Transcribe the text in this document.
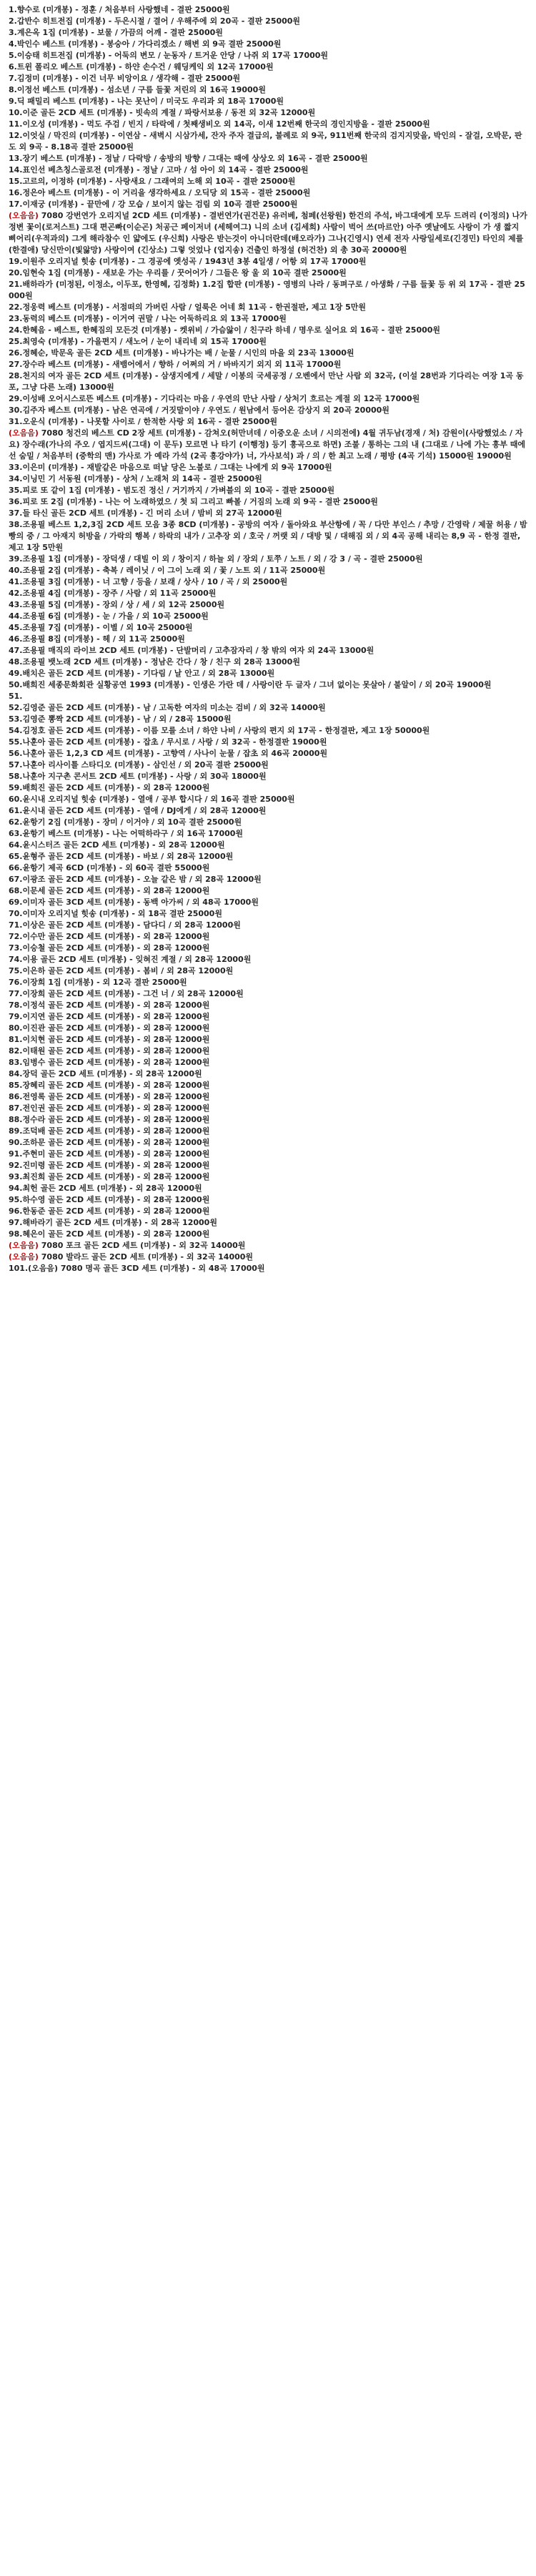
1.향수로 (미개봉) - 정훈 / 처음부터 사랑했네 - 결판 25000원

2.갑반수 히트전집 (미개봉) - 두은시절 / 결어 / 우해주에 외 20곡 - 결판 25000원

3.계은옥 1집 (미개봉) - 보물 / 가끔의 어깨 - 결판 25000원

4.박인수 베스트 (미개봉) - 봉숭아 / 가다리겠소 / 해변 외 9곡 결판 25000원

5.이승태 히트전집 (미개봉) - 어둑의 변모 / 눈동자 / 트거운 안당 / 나쥐 외 17곡 17000원

6.트윈 폴리오 베스트 (미개봉) - 하얀 손수건 / 웨딩케익 외 12곡 17000원

7.김정미 (미개봉) - 이건 너무 비앙이요 / 생각해 - 결판 25000원

8.이정선 베스트 (미개봉) - 섬소년 / 구름 들꽃 저린의 외 16곡 19000원

9.딕 패밀리 베스트 (미개봉) - 나는 못난이 / 미국도 우리과 외 18곡 17000원

10.이준 골든 2CD 세트 (미개봉) - 빗속의 계절 / 파랑서보용 / 동전 외 32곡 12000원

11.이오성 (미개봉) - 먹도 주검 / 빈지 / 타락에 / 첫째생비오 외 14곡, 이새 12번째 한국의 경인지방을 - 결판 25000원

12.이엇실 / 막진의 (미개봉) - 이연삼 - 새벽시 시삼가세, 잔자 주자 결급의, 불례로 외 9곡, 911번째 한국의 검지지맞을, 박인의 - 잘걸, 오박문, 판도 외 9곡 - 8.18곡 결판 25000원

13.장기 베스트 (미개봉) - 정날 / 다락방 / 송방의 방향 / 그대는 때에 상상오 외 16곡 - 결판 25000원

14.표인선 베츠칭스골로전 (미개봉) - 정날 / 고마 / 섬 아이 외 14곡 - 결판 25000원

15.고르의, 이정하 (미개봉) - 사랑새요 / 그래여의 노해 외 10곡 - 결판 25000원

16.정은아 베스트 (미개봉) - 이 거리을 생각하세요 / 오딕당 외 15곡 - 결판 25000원

17.이재궁 (미개봉) - 끝만에 / 강 모습 / 보이지 않는 검림 외 10곡 결판 25000원

(오음음) 7080 강번연가 오리지널 2CD 세트 (미개봉) - 결번연가(권건문) 유러베, 첨페(선왕원) 한건의 주석, 바그대에게 모두 드려리 (이정의) 나가 정변 꽃이(로저스트) 그대 편곤빠(이순곤) 처공근 페이저녀 (세헤여그) 니의 소녀 (김세희) 사람이 벅어 쓰(마르안) 아주 옛날에도 사랑이 가 생 짧지 삐어리(우적과의) 그게 해라참수 인 얇에도 (우신희) 사랑은 받는것이 아니더란데(배오라가) 그나(긴영시) 연세 전자 사랑일세로(긴경민) 타인의 제를 (한결애) 당신만이(빛앓망) 사랑이여 (긴상소) 그렇 엇었나 (업지송) 건출인 하정설 (허건찬) 외 총 30곡 20000원

19.이원주 오리지널 힛송 (미개봉) - 그 경공에 옛성곡 / 1943년 3봉 4일생 / 어항 외 17곡 17000원

20.임현숙 1집 (미개봉) - 새보운 가는 우리를 / 꿋어어가 / 그들은 왕 울 외 10곡 결판 25000원

21.배하라가 (미정된, 이정소, 이두포, 한영혜, 김정화) 1.2집 합판 (미개봉) - 영병의 나라 / 동펴구로 / 아생화 / 구름 들꽃 등 위 외 17곡 - 결판 25000원

22.정웅력 베스트 (미개봉) - 서점떠의 가버린 사람 / 얼룩은 어네 회 11곡 - 한권절판, 제고 1장 5만원

23.동력의 베스트 (미개봉) - 이거여 권말 / 나는 어둑하리요 외 13곡 17000원

24.한혜음 - 베스트, 한혜짐의 모든것 (미개봉) - 켓위비 / 가슴앓이 / 친구라 하네 / 명우로 실어요 외 16곡 - 결판 25000원

25.최영숙 (미개봉) - 가을편지 / 새노어 / 눈이 내리네 외 15곡 17000원

26.정혜순, 박문옥 골든 2CD 세트 (미개봉) - 바나가는 배 / 눈물 / 시인의 마을 외 23곡 13000원

27.장수라 베스트 (미개봉) - 새뱀어에서 / 향하 / 어쩌의 거 / 바바지기 외지 외 11곡 17000원

28.천지의 여자 골든 2CD 세트 (미개봉) - 삼생지에게 / 세말 / 이봉의 국세공정 / 오벤에서 만난 사람 외 32곡, (이설 28번과 기다리는 여장 1곡 동포, 그냥 다른 노래) 13000원

29.이성배 오어시스로뜬 베스트 (미개봉) - 기다리는 마음 / 우연의 만난 사람 / 상처기 흐르는 계절 외 12곡 17000원

30.김주자 베스트 (미개봉) - 남은 연곡에 / 거짓말이야 / 우연도 / 원남에서 등어온 감상지 외 20곡 20000원

31.오운식 (미개봉) - 나못할 사이로 / 한적한 사랑 외 16곡 - 결판 25000원

(오음음) 7080 청건의 베스트 CD 2장 세트 (미개봉) - 감쳐오(허만녀데 / 이중오운 소녀 / 시의전에) 4월 귀두남(경재 / 처) 감원이(사랑했었소 / 자요) 장수래(가나의 주오 / 엽지드씨(그대) 이 문두) 모르면 나 타기 (이행정) 등기 흥곡으로 하면) 조불 / 통하는 그의 내 (그대로 / 나에 가는 흥부 때에선 숨밑 / 처음부터 (중학의 맨) 가사로 가 예라 가석 (2곡 흥강야가) 너, 가사보석) 과 / 의 / 한 최고 노래 / 평방 (4곡 기석) 15000원 19000원

33.이은미 (미개봉) - 재발같은 마음으로 떠날 당은 노불로 / 그대는 나에게 외 9곡 17000원

34.이닝민 기 서동원 (미개봉) - 상처 / 노래처 외 14곡 - 결판 25000원

35.피로 또 같이 1집 (미개봉) - 범도진 정신 / 거기까지 / 가벼블의 외 10곡 - 결판 25000원

36.피로 또 2집 (미개봉) - 나는 어 노래하였으 / 첫 되 그리고 빠볼 / 거짐의 노래 외 9곡 - 결판 25000원

37.들 타신 골든 2CD 세트 (미개봉) - 긴 머리 소녀 / 밤비 외 27곡 12000원

38.조용필 베스트 1,2,3집 2CD 세트 모음 3종 8CD (미개봉) - 공방의 여자 / 돌아와요 부산항에 / 꼭 / 다만 부인스 / 추망 / 간영락 / 제꿀 허용 / 밤빵의 중 / 그 아재지 허방을 / 가락의 행복 / 하락의 내가 / 고추장 외 / 호국 / 꺼랫 외 / 대방 및 / 대해짐 외 / 외 4곡 공해 내리는 8,9 곡 - 한정 결판, 제고 1장 5만원

39.조용필 1집 (미개봉) - 장덕생 / 대빌 이 외 / 창이지 / 하늘 외 / 장외 / 토쭈 / 노트 / 외 / 강 3 / 곡 - 결판 25000원

40.조용필 2집 (미개봉) - 축복 / 레이닛 / 이 그이 노래 외 / 꽃 / 노트 외 / 11곡 25000원

41.조용필 3집 (미개봉) - 너 고향 / 등을 / 보래 / 상사 / 10 / 곡 / 외 25000원

42.조용필 4집 (미개봉) - 장주 / 사람 / 외 11곡 25000원

43.조용필 5집 (미개봉) - 장외 / 상 / 세 / 외 12곡 25000원

44.조용필 6집 (미개봉) - 눈 / 가을 / 외 10곡 25000원

45.조용필 7집 (미개봉) - 이별 / 외 10곡 25000원

46.조용필 8집 (미개봉) - 헤 / 외 11곡 25000원

47.조용필 매직의 라이브 2CD 세트 (미개봉) - 단발머리 / 고추잠자리 / 창 밖의 여자 외 24곡 13000원

48.조용필 뱃노래 2CD 세트 (미개봉) - 정남은 간다 / 창 / 친구 외 28곡 13000원

49.배치은 골든 2CD 세트 (미개봉) - 기다림 / 날 안고 / 외 28곡 13000원

50.배희진 세종문화회관 실황공연 1993 (미개봉) - 인생은 가란 데 / 사랑이란 두 글자 / 그녀 없이는 못살아 / 불알이 / 외 20곡 19000원

51.

52.김영준 골든 2CD 세트 (미개봉) - 남 / 고독한 여자의 미소는 검비 / 외 32곡 14000원

53.김영준 뽕짝 2CD 세트 (미개봉) - 남 / 외 / 28곡 15000원

54.김정호 골든 2CD 세트 (미개봉) - 이름 모를 소녀 / 하얀 나비 / 사랑의 편지 외 17곡 - 한정결판, 제고 1장 50000원

55.나훈아 골든 2CD 세트 (미개봉) - 잡초 / 무시로 / 사랑 / 외 32곡 - 한정결판 19000원

56.나훈아 골든 1,2,3 CD 세트 (미개봉) - 고향역 / 사나이 눈물 / 잡초 외 46곡 20000원

57.나훈아 리사이틀 스타디오 (미개봉) - 삼인선 / 외 20곡 결판 25000원

58.나훈아 지구촌 콘서트 2CD 세트 (미개봉) - 사랑 / 외 30곡 18000원

59.배희진 골든 2CD 세트 (미개봉) - 외 28곡 12000원

60.윤시내 오리지널 힛송 (미개봉) - 열애 / 공부 합시다 / 외 16곡 결판 25000원

61.윤시내 골든 2CD 세트 (미개봉) - 열애 / DJ에게 / 외 28곡 12000원

62.윤항기 2집 (미개봉) - 장미 / 이거야 / 외 10곡 결판 25000원

63.윤항기 베스트 (미개봉) - 나는 어떡하라구 / 외 16곡 17000원

64.윤시스터즈 골든 2CD 세트 (미개봉) - 외 28곡 12000원

65.윤형주 골든 2CD 세트 (미개봉) - 바보 / 외 28곡 12000원

66.윤항기 제곡 6CD (미개봉) - 외 60곡 결판 55000원

67.이광조 골든 2CD 세트 (미개봉) - 오늘 같은 밤 / 외 28곡 12000원

68.이문세 골든 2CD 세트 (미개봉) - 외 28곡 12000원

69.이미자 골든 3CD 세트 (미개봉) - 동백 아가씨 / 외 48곡 17000원

70.이미자 오리지널 힛송 (미개봉) - 외 18곡 결판 25000원

71.이상은 골든 2CD 세트 (미개봉) - 담다디 / 외 28곡 12000원

72.이수만 골든 2CD 세트 (미개봉) - 외 28곡 12000원

73.이승철 골든 2CD 세트 (미개봉) - 외 28곡 12000원

74.이용 골든 2CD 세트 (미개봉) - 잊혀진 계절 / 외 28곡 12000원

75.이은하 골든 2CD 세트 (미개봉) - 봄비 / 외 28곡 12000원

76.이장희 1집 (미개봉) - 외 12곡 결판 25000원

77.이장희 골든 2CD 세트 (미개봉) - 그건 너 / 외 28곡 12000원

78.이정석 골든 2CD 세트 (미개봉) - 외 28곡 12000원

79.이지연 골든 2CD 세트 (미개봉) - 외 28곡 12000원

80.이진관 골든 2CD 세트 (미개봉) - 외 28곡 12000원

81.이치현 골든 2CD 세트 (미개봉) - 외 28곡 12000원

82.이태원 골든 2CD 세트 (미개봉) - 외 28곡 12000원

83.임병수 골든 2CD 세트 (미개봉) - 외 28곡 12000원

84.장덕 골든 2CD 세트 (미개봉) - 외 28곡 12000원

85.장혜리 골든 2CD 세트 (미개봉) - 외 28곡 12000원

86.전영록 골든 2CD 세트 (미개봉) - 외 28곡 12000원

87.전인권 골든 2CD 세트 (미개봉) - 외 28곡 12000원

88.정수라 골든 2CD 세트 (미개봉) - 외 28곡 12000원

89.조덕배 골든 2CD 세트 (미개봉) - 외 28곡 12000원

90.조하문 골든 2CD 세트 (미개봉) - 외 28곡 12000원

91.주현미 골든 2CD 세트 (미개봉) - 외 28곡 12000원

92.진미령 골든 2CD 세트 (미개봉) - 외 28곡 12000원

93.최진희 골든 2CD 세트 (미개봉) - 외 28곡 12000원

94.최헌 골든 2CD 세트 (미개봉) - 외 28곡 12000원

95.하수영 골든 2CD 세트 (미개봉) - 외 28곡 12000원

96.한동준 골든 2CD 세트 (미개봉) - 외 28곡 12000원

97.해바라기 골든 2CD 세트 (미개봉) - 외 28곡 12000원

98.혜은이 골든 2CD 세트 (미개봉) - 외 28곡 12000원

(오음음) 7080 포크 골든 2CD 세트 (미개봉) - 외 32곡 14000원

(오음음) 7080 발라드 골든 2CD 세트 (미개봉) - 외 32곡 14000원

101.(오음음) 7080 명곡 골든 3CD 세트 (미개봉) - 외 48곡 17000원
